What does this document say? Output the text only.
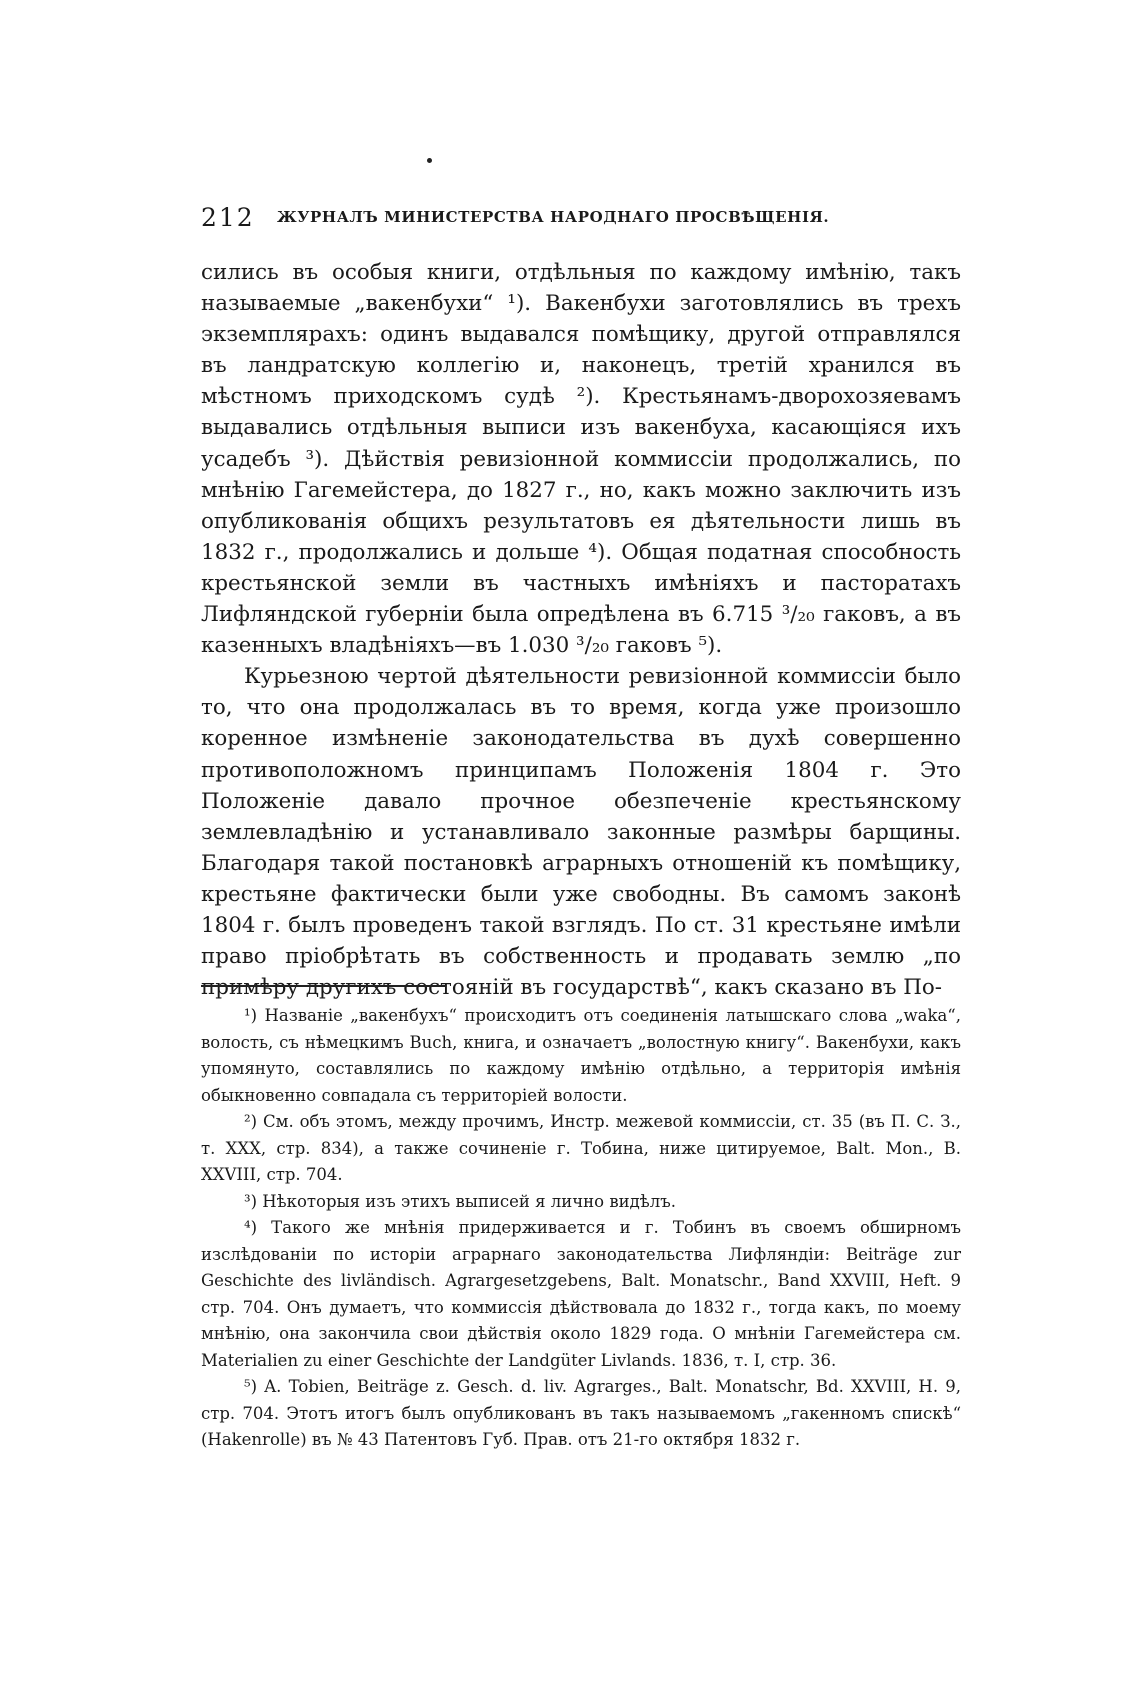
212 ЖУРНАЛЪ МИНИСТЕРСТВА НАРОДНАГО ПРОСВѢЩЕНІЯ.

сились въ особыя книги, отдѣльныя по каждому имѣнію, такъ называемые „вакенбухи“ ¹). Вакенбухи заготовлялись въ трехъ экземплярахъ: одинъ выдавался помѣщику, другой отправлялся въ ландратскую коллегію и, наконецъ, третій хранился въ мѣстномъ приходскомъ судѣ ²). Крестьянамъ-дворохозяевамъ выдавались отдѣльныя выписи изъ вакенбуха, касающіяся ихъ усадебъ ³). Дѣйствія ревизіонной коммиссіи продолжались, по мнѣнію Гагемейстера, до 1827 г., но, какъ можно заключить изъ опубликованія общихъ результатовъ ея дѣятельности лишь въ 1832 г., продолжались и дольше ⁴). Общая податная способность крестьянской земли въ частныхъ имѣніяхъ и пасторатахъ Лифляндской губерніи была опредѣлена въ 6.715 ³/₂₀ гаковъ, а въ казенныхъ владѣніяхъ—въ 1.030 ³/₂₀ гаковъ ⁵).

Курьезною чертой дѣятельности ревизіонной коммиссіи было то, что она продолжалась въ то время, когда уже произошло коренное измѣненіе законодательства въ духѣ совершенно противоположномъ принципамъ Положенія 1804 г. Это Положеніе давало прочное обезпеченіе крестьянскому землевладѣнію и устанавливало законные размѣры барщины. Благодаря такой постановкѣ аграрныхъ отношеній къ помѣщику, крестьяне фактически были уже свободны. Въ самомъ законѣ 1804 г. былъ проведенъ такой взглядъ. По ст. 31 крестьяне имѣли право пріобрѣтать въ собственность и продавать землю „по примѣру другихъ состояній въ государствѣ“, какъ сказано въ По-

¹) Названіе „вакенбухъ“ происходитъ отъ соединенія латышскаго слова „waka“, волость, съ нѣмецкимъ Buch, книга, и означаетъ „волостную книгу“. Вакенбухи, какъ упомянуто, составлялись по каждому имѣнію отдѣльно, а территорія имѣнія обыкновенно совпадала съ территоріей волости.

²) См. объ этомъ, между прочимъ, Инстр. межевой коммиссіи, ст. 35 (въ П. С. З., т. XXX, стр. 834), а также сочиненіе г. Тобина, ниже цитируемое, Balt. Mon., B. XXVIII, стр. 704.

³) Нѣкоторыя изъ этихъ выписей я лично видѣлъ.

⁴) Такого же мнѣнія придерживается и г. Тобинъ въ своемъ обширномъ изслѣдованіи по исторіи аграрнаго законодательства Лифляндіи: Beiträge zur Geschichte des livländisch. Agrargesetzgebens, Balt. Monatschr., Band XXVIII, Heft. 9 стр. 704. Онъ думаетъ, что коммиссія дѣйствовала до 1832 г., тогда какъ, по моему мнѣнію, она закончила свои дѣйствія около 1829 года. О мнѣніи Гагемейстера см. Materialien zu einer Geschichte der Landgüter Livlands. 1836, т. I, стр. 36.

⁵) A. Tobien, Beiträge z. Gesch. d. liv. Agrarges., Balt. Monatschr, Bd. XXVIII, H. 9, стр. 704. Этотъ итогъ былъ опубликованъ въ такъ называемомъ „гакенномъ спискѣ“ (Hakenrolle) въ № 43 Патентовъ Губ. Прав. отъ 21-го октября 1832 г.
